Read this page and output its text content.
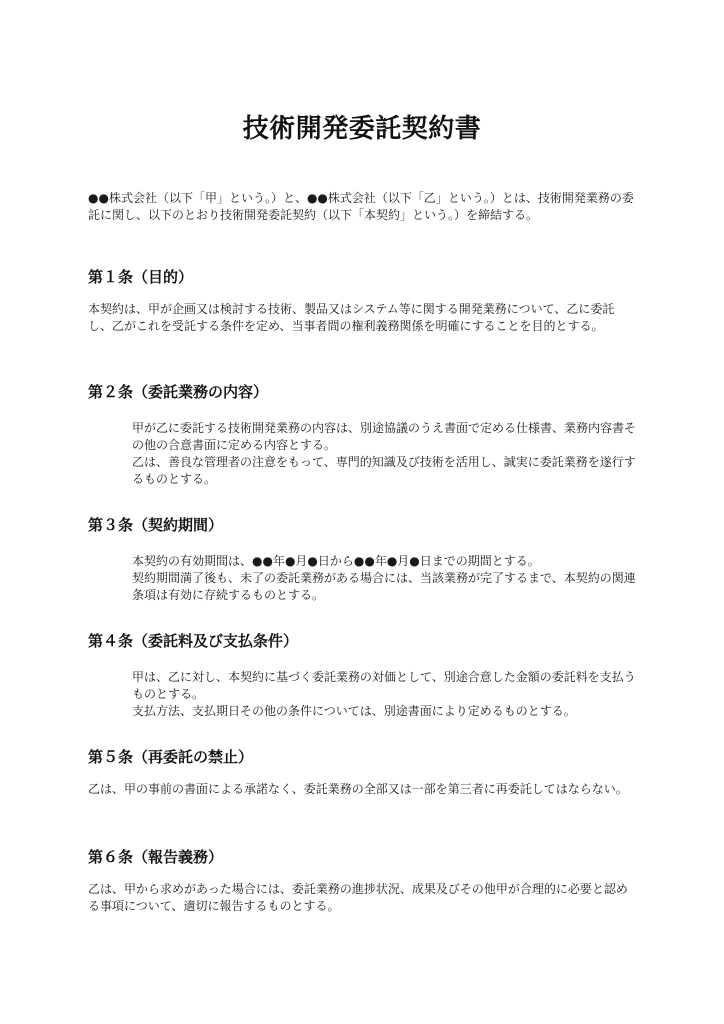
技術開発委託契約書

●●株式会社（以下「甲」という。）と、●●株式会社（以下「乙」という。）とは、技術開発業務の委託に関し、以下のとおり技術開発委託契約（以下「本契約」という。）を締結する。

第１条（目的）

本契約は、甲が企画又は検討する技術、製品又はシステム等に関する開発業務について、乙に委託し、乙がこれを受託する条件を定め、当事者間の権利義務関係を明確にすることを目的とする。

第２条（委託業務の内容）

甲が乙に委託する技術開発業務の内容は、別途協議のうえ書面で定める仕様書、業務内容書その他の合意書面に定める内容とする。

乙は、善良な管理者の注意をもって、専門的知識及び技術を活用し、誠実に委託業務を遂行するものとする。

第３条（契約期間）

本契約の有効期間は、●●年●月●日から●●年●月●日までの期間とする。

契約期間満了後も、未了の委託業務がある場合には、当該業務が完了するまで、本契約の関連条項は有効に存続するものとする。

第４条（委託料及び支払条件）

甲は、乙に対し、本契約に基づく委託業務の対価として、別途合意した金額の委託料を支払うものとする。

支払方法、支払期日その他の条件については、別途書面により定めるものとする。

第５条（再委託の禁止）

乙は、甲の事前の書面による承諾なく、委託業務の全部又は一部を第三者に再委託してはならない。

第６条（報告義務）

乙は、甲から求めがあった場合には、委託業務の進捗状況、成果及びその他甲が合理的に必要と認める事項について、適切に報告するものとする。
